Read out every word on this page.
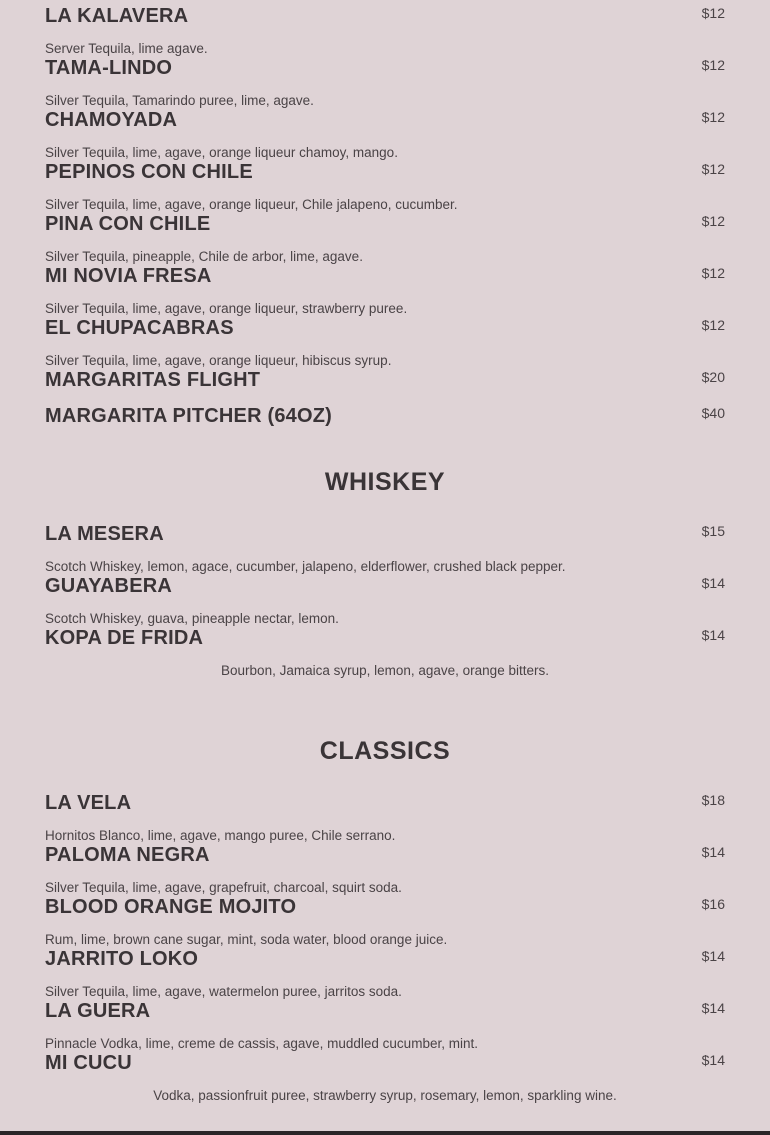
LA KALAVERA	$12
Server Tequila, lime agave.
TAMA-LINDO	$12
Silver Tequila, Tamarindo puree, lime, agave.
CHAMOYADA	$12
Silver Tequila, lime, agave, orange liqueur chamoy, mango.
PEPINOS CON CHILE	$12
Silver Tequila, lime, agave, orange liqueur, Chile jalapeno, cucumber.
PINA CON CHILE	$12
Silver Tequila, pineapple, Chile de arbor, lime, agave.
MI NOVIA FRESA	$12
Silver Tequila, lime, agave, orange liqueur, strawberry puree.
EL CHUPACABRAS	$12
Silver Tequila, lime, agave, orange liqueur, hibiscus syrup.
MARGARITAS FLIGHT	$20
MARGARITA PITCHER (64OZ)	$40
WHISKEY
LA MESERA	$15
Scotch Whiskey, lemon, agace, cucumber, jalapeno, elderflower, crushed black pepper.
GUAYABERA	$14
Scotch Whiskey, guava, pineapple nectar, lemon.
KOPA DE FRIDA	$14
Bourbon, Jamaica syrup, lemon, agave, orange bitters.
CLASSICS
LA VELA	$18
Hornitos Blanco, lime, agave, mango puree, Chile serrano.
PALOMA NEGRA	$14
Silver Tequila, lime, agave, grapefruit, charcoal, squirt soda.
BLOOD ORANGE MOJITO	$16
Rum, lime, brown cane sugar, mint, soda water, blood orange juice.
JARRITO LOKO	$14
Silver Tequila, lime, agave, watermelon puree, jarritos soda.
LA GUERA	$14
Pinnacle Vodka, lime, creme de cassis, agave, muddled cucumber, mint.
MI CUCU	$14
Vodka, passionfruit puree, strawberry syrup, rosemary, lemon, sparkling wine.
